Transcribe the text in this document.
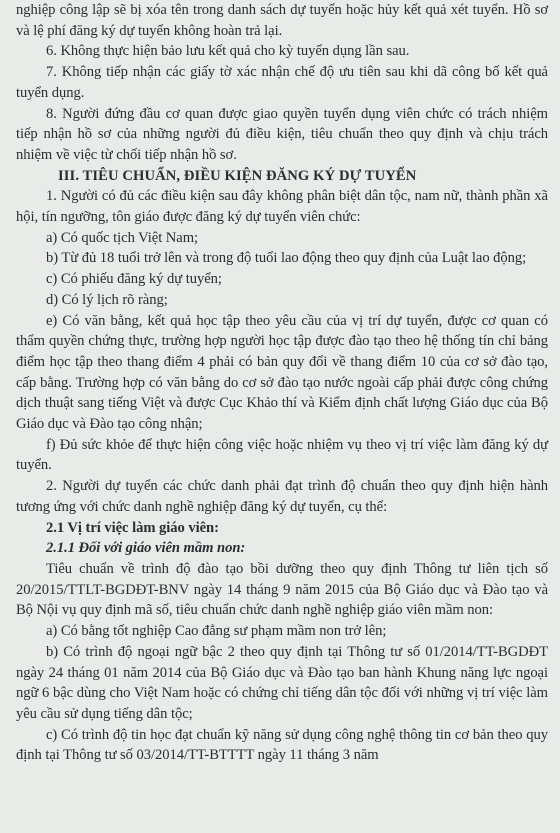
nghiệp công lập sẽ bị xóa tên trong danh sách dự tuyển hoặc hủy kết quả xét tuyển. Hồ sơ và lệ phí đăng ký dự tuyển không hoàn trả lại.

6. Không thực hiện bảo lưu kết quả cho kỳ tuyển dụng lần sau.

7. Không tiếp nhận các giấy tờ xác nhận chế độ ưu tiên sau khi dã công bố kết quả tuyển dụng.

8. Người đứng đầu cơ quan được giao quyền tuyển dụng viên chức có trách nhiệm tiếp nhận hồ sơ của những người đủ điều kiện, tiêu chuẩn theo quy định và chịu trách nhiệm về việc từ chối tiếp nhận hồ sơ.

III. TIÊU CHUẨN, ĐIỀU KIỆN ĐĂNG KÝ DỰ TUYỂN

1. Người có đủ các điều kiện sau đây không phân biệt dân tộc, nam nữ, thành phần xã hội, tín ngưỡng, tôn giáo được đăng ký dự tuyển viên chức:

a) Có quốc tịch Việt Nam;

b) Từ đủ 18 tuổi trở lên và trong độ tuổi lao động theo quy định của Luật lao động;

c) Có phiếu đăng ký dự tuyển;

d) Có lý lịch rõ ràng;

e) Có văn bằng, kết quả học tập theo yêu cầu của vị trí dự tuyển, được cơ quan có thẩm quyền chứng thực, trường hợp người học tập được đào tạo theo hệ thống tín chỉ bảng điểm học tập theo thang điểm 4 phải có bản quy đổi về thang điểm 10 của cơ sở đào tạo, cấp bằng. Trường hợp có văn bằng do cơ sở đào tạo nước ngoài cấp phải được công chứng dịch thuật sang tiếng Việt và được Cục Khảo thí và Kiểm định chất lượng Giáo dục của Bộ Giáo dục và Đào tạo công nhận;

f) Đủ sức khỏe để thực hiện công việc hoặc nhiệm vụ theo vị trí việc làm đăng ký dự tuyển.

2. Người dự tuyển các chức danh phải đạt trình độ chuẩn theo quy định hiện hành tương ứng với chức danh nghề nghiệp đăng ký dự tuyển, cụ thể:

2.1 Vị trí việc làm giáo viên:

2.1.1 Đối với giáo viên mầm non:

Tiêu chuẩn về trình độ đào tạo bồi dưỡng theo quy định Thông tư liên tịch số 20/2015/TTLT-BGDĐT-BNV ngày 14 tháng 9 năm 2015 của Bộ Giáo dục và Đào tạo và Bộ Nội vụ quy định mã số, tiêu chuẩn chức danh nghề nghiệp giáo viên mầm non:

a) Có bằng tốt nghiệp Cao đẳng sư phạm mầm non trở lên;

b) Có trình độ ngoại ngữ bậc 2 theo quy định tại Thông tư số 01/2014/TT-BGDĐT ngày 24 tháng 01 năm 2014 của Bộ Giáo dục và Đào tạo ban hành Khung năng lực ngoại ngữ 6 bậc dùng cho Việt Nam hoặc có chứng chỉ tiếng dân tộc đối với những vị trí việc làm yêu cầu sử dụng tiếng dân tộc;

c) Có trình độ tin học đạt chuẩn kỹ năng sử dụng công nghệ thông tin cơ bản theo quy định tại Thông tư số 03/2014/TT-BTTTT ngày 11 tháng 3 năm
